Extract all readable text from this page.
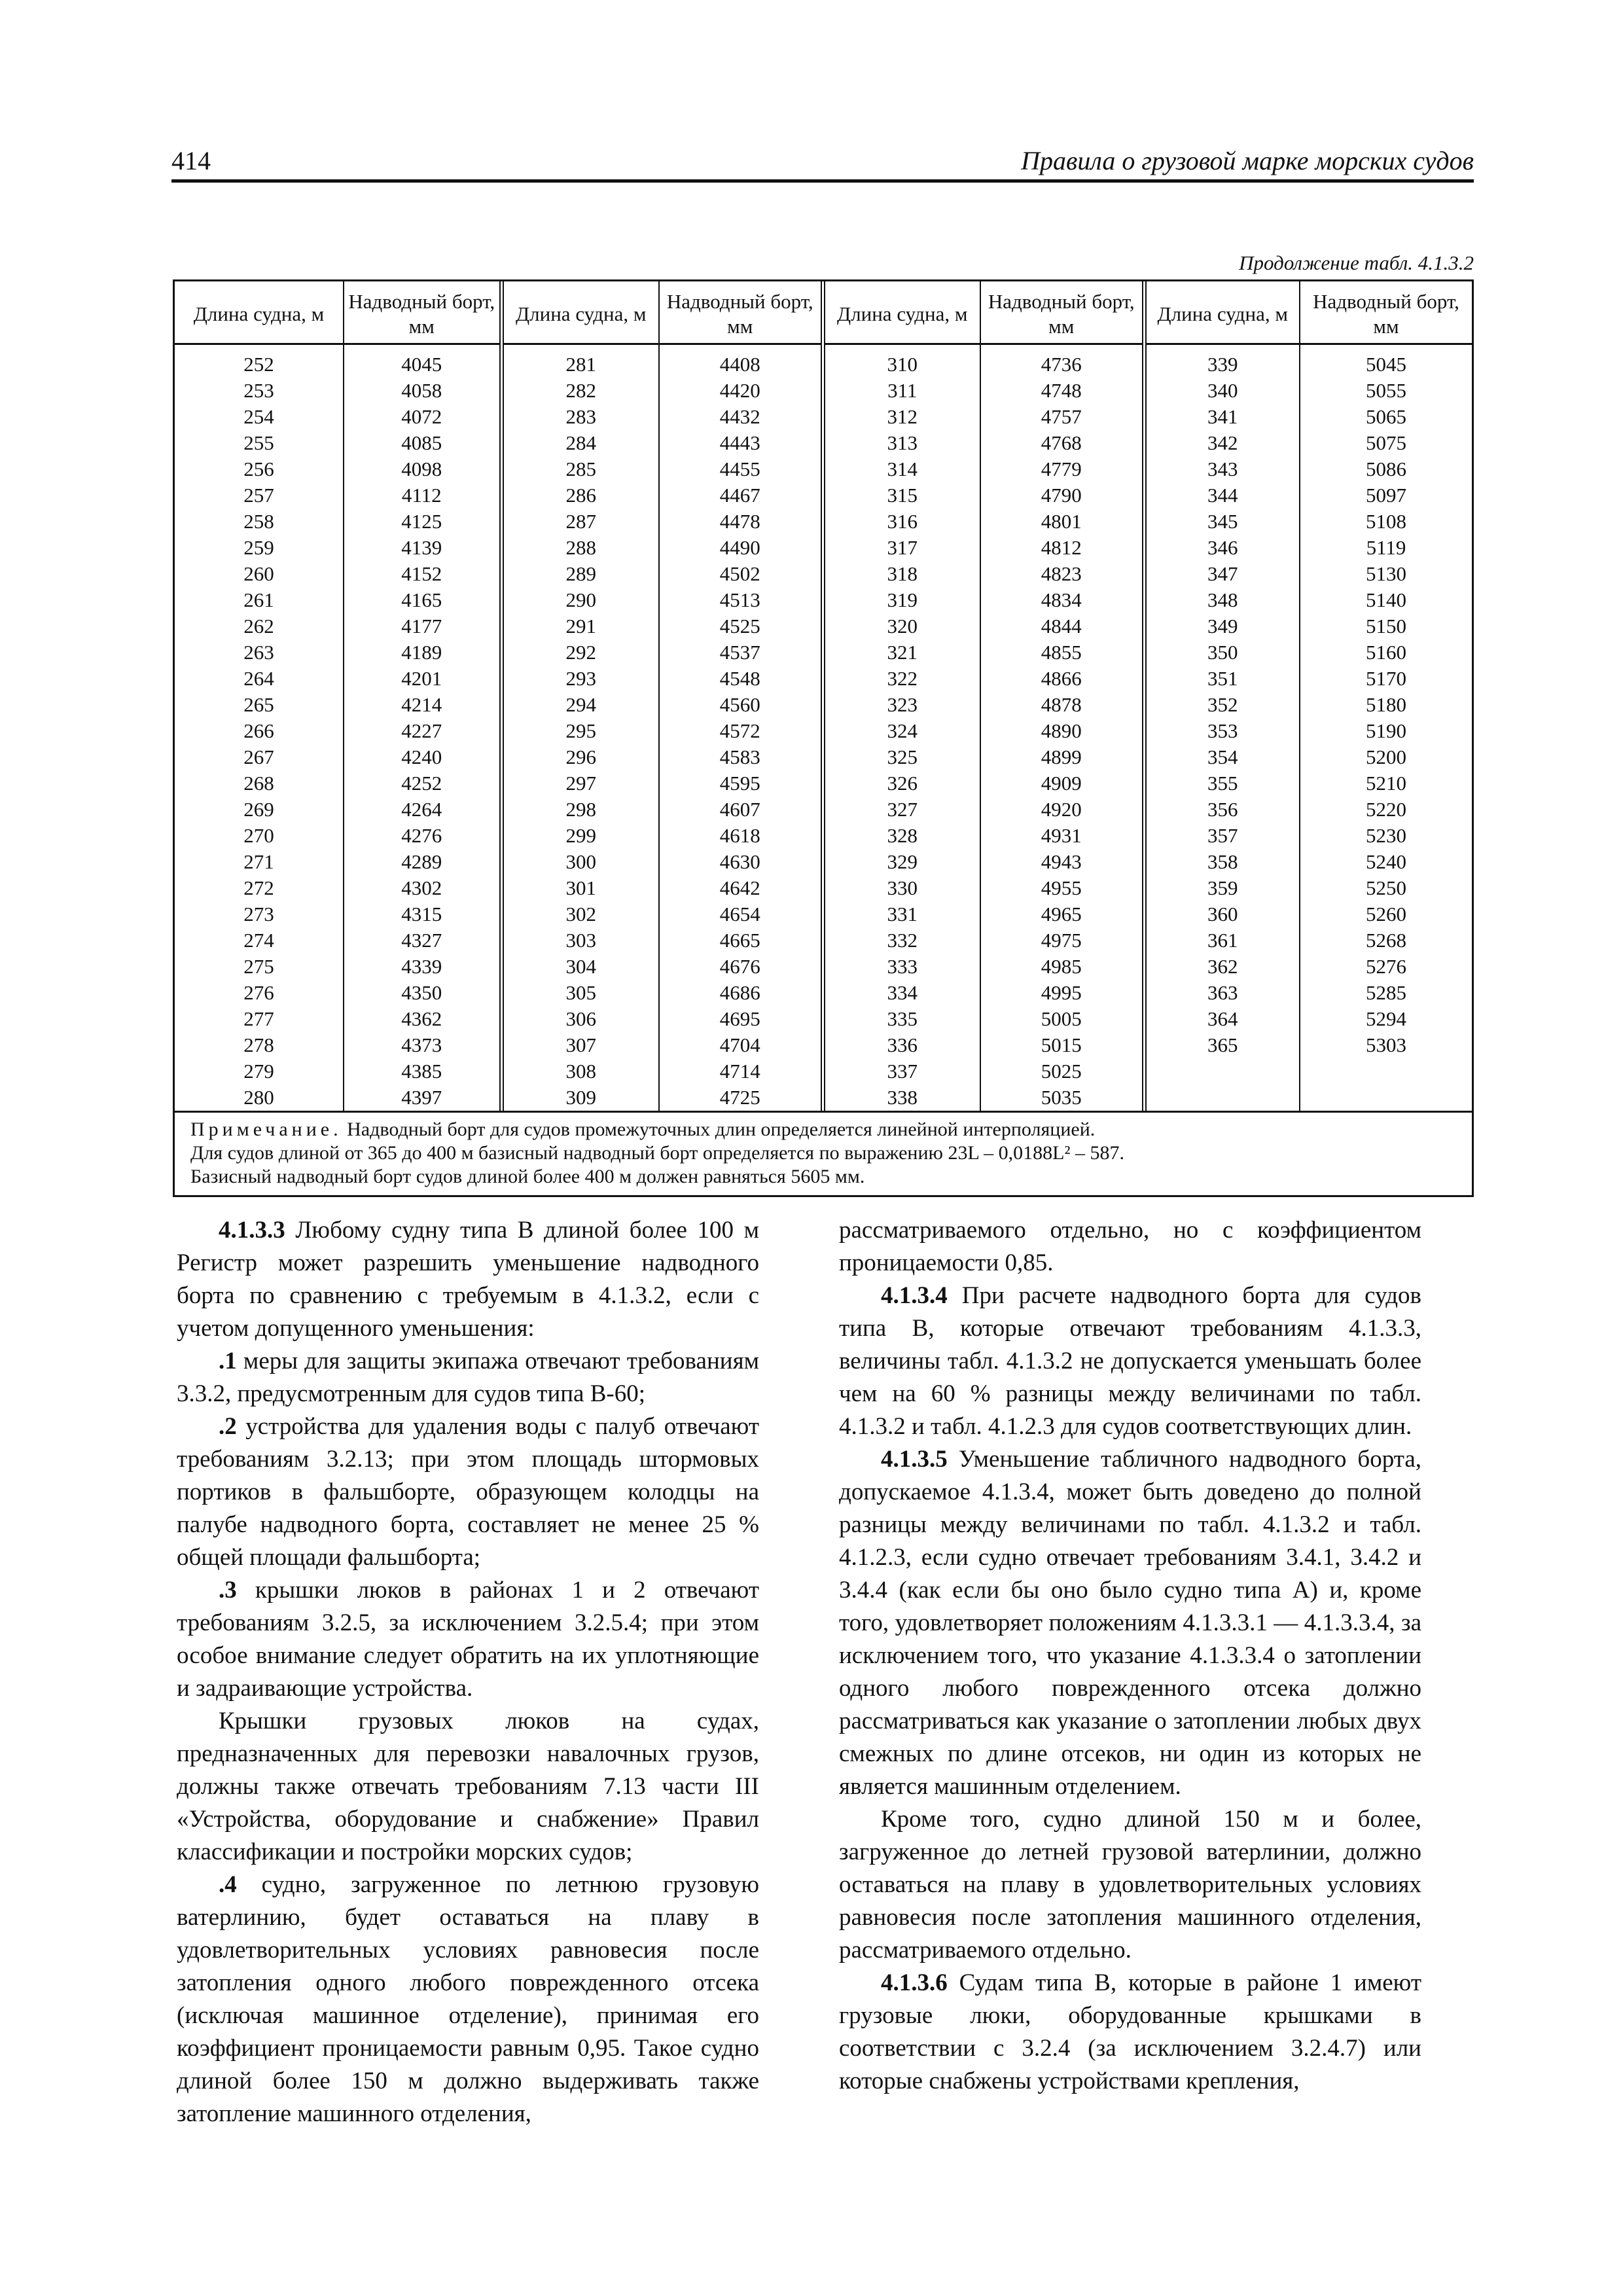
414	Правила о грузовой марке морских судов
Продолжение табл. 4.1.3.2
Длина судна, м	Надводный борт, мм	Длина судна, м	Надводный борт, мм	Длина судна, м	Надводный борт, мм	Длина судна, м	Надводный борт, мм
252	4045	281	4408	310	4736	339	5045
253	4058	282	4420	311	4748	340	5055
254	4072	283	4432	312	4757	341	5065
255	4085	284	4443	313	4768	342	5075
256	4098	285	4455	314	4779	343	5086
257	4112	286	4467	315	4790	344	5097
258	4125	287	4478	316	4801	345	5108
259	4139	288	4490	317	4812	346	5119
260	4152	289	4502	318	4823	347	5130
261	4165	290	4513	319	4834	348	5140
262	4177	291	4525	320	4844	349	5150
263	4189	292	4537	321	4855	350	5160
264	4201	293	4548	322	4866	351	5170
265	4214	294	4560	323	4878	352	5180
266	4227	295	4572	324	4890	353	5190
267	4240	296	4583	325	4899	354	5200
268	4252	297	4595	326	4909	355	5210
269	4264	298	4607	327	4920	356	5220
270	4276	299	4618	328	4931	357	5230
271	4289	300	4630	329	4943	358	5240
272	4302	301	4642	330	4955	359	5250
273	4315	302	4654	331	4965	360	5260
274	4327	303	4665	332	4975	361	5268
275	4339	304	4676	333	4985	362	5276
276	4350	305	4686	334	4995	363	5285
277	4362	306	4695	335	5005	364	5294
278	4373	307	4704	336	5015	365	5303
279	4385	308	4714	337	5025		
280	4397	309	4725	338	5035		
Примечание. Надводный борт для судов промежуточных длин определяется линейной интерполяцией.
Для судов длиной от 365 до 400 м базисный надводный борт определяется по выражению 23L – 0,0188L² – 587.
Базисный надводный борт судов длиной более 400 м должен равняться 5605 мм.

4.1.3.3 Любому судну типа В длиной более 100 м Регистр может разрешить уменьшение надводного борта по сравнению с требуемым в 4.1.3.2, если с учетом допущенного уменьшения:

.1 меры для защиты экипажа отвечают требованиям 3.3.2, предусмотренным для судов типа В-60;

.2 устройства для удаления воды с палуб отвечают требованиям 3.2.13; при этом площадь штормовых портиков в фальшборте, образующем колодцы на палубе надводного борта, составляет не менее 25 % общей площади фальшборта;

.3 крышки люков в районах 1 и 2 отвечают требованиям 3.2.5, за исключением 3.2.5.4; при этом особое внимание следует обратить на их уплотняющие и задраивающие устройства.

Крышки грузовых люков на судах, предназначенных для перевозки навалочных грузов, должны также отвечать требованиям 7.13 части III «Устройства, оборудование и снабжение» Правил классификации и постройки морских судов;

.4 судно, загруженное по летнюю грузовую ватерлинию, будет оставаться на плаву в удовлетворительных условиях равновесия после затопления одного любого поврежденного отсека (исключая машинное отделение), принимая его коэффициент проницаемости равным 0,95. Такое судно длиной более 150 м должно выдерживать также затопление машинного отделения,

рассматриваемого отдельно, но с коэффициентом проницаемости 0,85.

4.1.3.4 При расчете надводного борта для судов типа В, которые отвечают требованиям 4.1.3.3, величины табл. 4.1.3.2 не допускается уменьшать более чем на 60 % разницы между величинами по табл. 4.1.3.2 и табл. 4.1.2.3 для судов соответствующих длин.

4.1.3.5 Уменьшение табличного надводного борта, допускаемое 4.1.3.4, может быть доведено до полной разницы между величинами по табл. 4.1.3.2 и табл. 4.1.2.3, если судно отвечает требованиям 3.4.1, 3.4.2 и 3.4.4 (как если бы оно было судно типа А) и, кроме того, удовлетворяет положениям 4.1.3.3.1 — 4.1.3.3.4, за исключением того, что указание 4.1.3.3.4 о затоплении одного любого поврежденного отсека должно рассматриваться как указание о затоплении любых двух смежных по длине отсеков, ни один из которых не является машинным отделением.

Кроме того, судно длиной 150 м и более, загруженное до летней грузовой ватерлинии, должно оставаться на плаву в удовлетворительных условиях равновесия после затопления машинного отделения, рассматриваемого отдельно.

4.1.3.6 Судам типа В, которые в районе 1 имеют грузовые люки, оборудованные крышками в соответствии с 3.2.4 (за исключением 3.2.4.7) или которые снабжены устройствами крепления,
